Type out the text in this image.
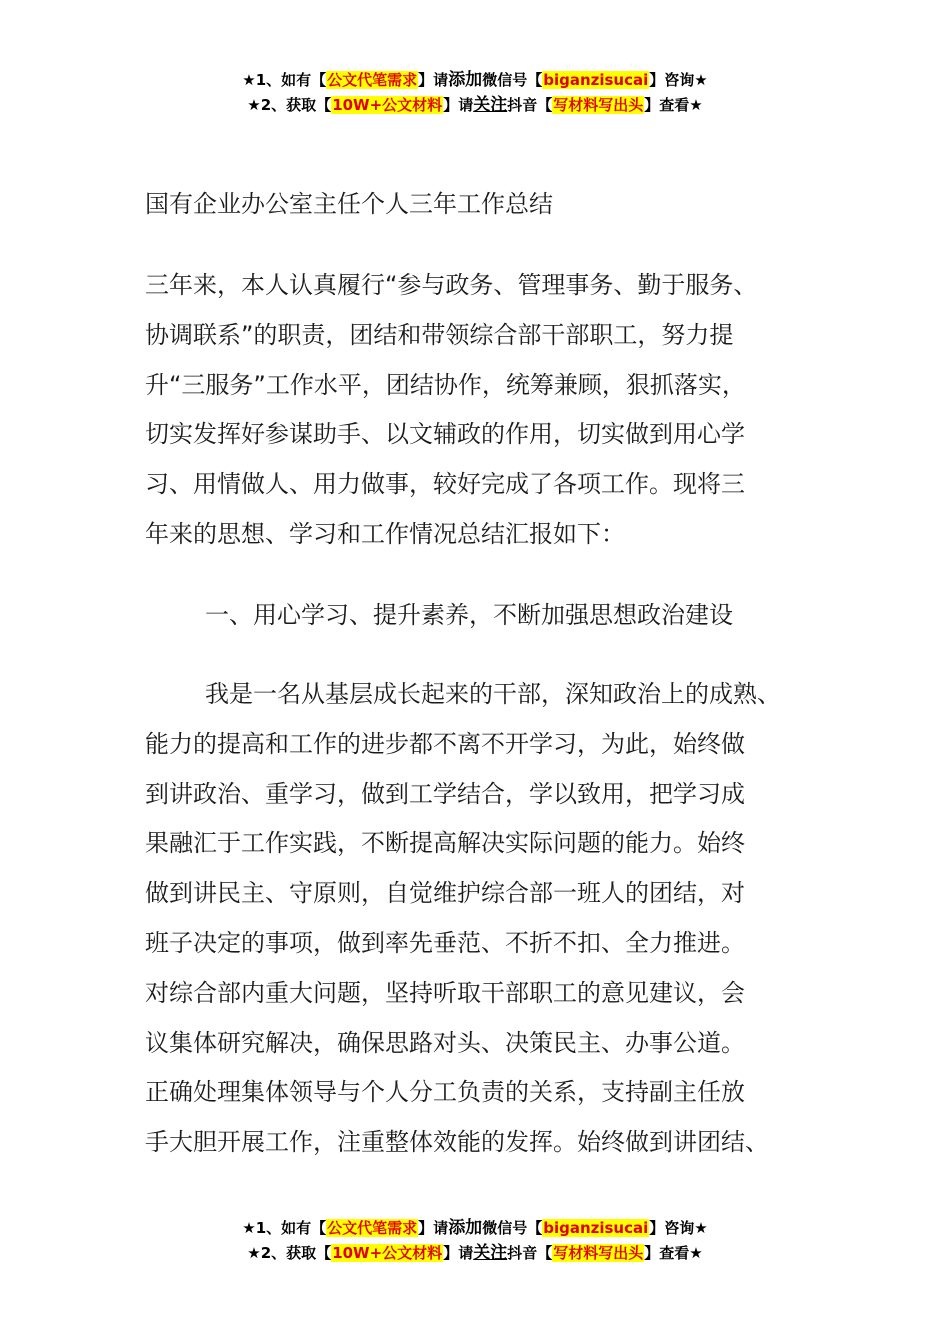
★1、如有【公文代笔需求】请添加微信号【biganzisucai】咨询★
★2、获取【10W+公文材料】请关注抖音【写材料写出头】查看★
国有企业办公室主任个人三年工作总结

三年来，本人认真履行“参与政务、管理事务、勤于服务、
协调联系”的职责，团结和带领综合部干部职工，努力提
升“三服务”工作水平，团结协作，统筹兼顾，狠抓落实，
切实发挥好参谋助手、以文辅政的作用，切实做到用心学
习、用情做人、用力做事，较好完成了各项工作。现将三
年来的思想、学习和工作情况总结汇报如下：

一、用心学习、提升素养，不断加强思想政治建设

我是一名从基层成长起来的干部，深知政治上的成熟、
能力的提高和工作的进步都不离不开学习，为此，始终做
到讲政治、重学习，做到工学结合，学以致用，把学习成
果融汇于工作实践，不断提高解决实际问题的能力。始终
做到讲民主、守原则，自觉维护综合部一班人的团结，对
班子决定的事项，做到率先垂范、不折不扣、全力推进。
对综合部内重大问题，坚持听取干部职工的意见建议，会
议集体研究解决，确保思路对头、决策民主、办事公道。
正确处理集体领导与个人分工负责的关系，支持副主任放
手大胆开展工作，注重整体效能的发挥。始终做到讲团结、

★1、如有【公文代笔需求】请添加微信号【biganzisucai】咨询★
★2、获取【10W+公文材料】请关注抖音【写材料写出头】查看★
